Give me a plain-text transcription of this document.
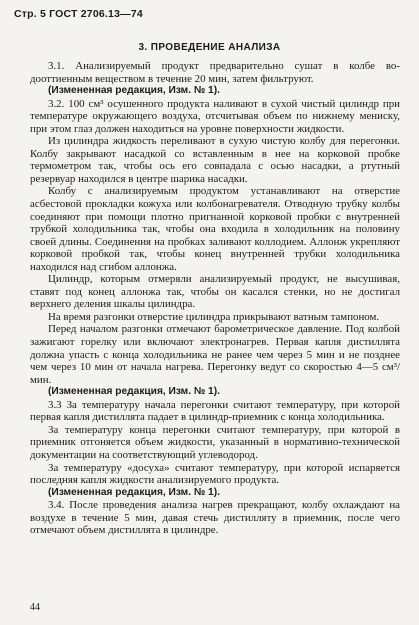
Стр. 5 ГОСТ 2706.13—74
3. ПРОВЕДЕНИЕ АНАЛИЗА

3.1. Анализируемый продукт предварительно сушат в колбе водооттиенным веществом в течение 20 мин, затем фильтруют.

(Измененная редакция, Изм. № 1).

3.2. 100 см³ осушенного продукта наливают в сухой чистый цилиндр при температуре окружающего воздуха, отсчитывая объем по нижнему мениску, при этом глаз должен находиться на уровне поверхности жидкости.

Из цилиндра жидкость переливают в сухую чистую колбу для перегонки. Колбу закрывают насадкой со вставленным в нее на корковой пробке термометром так, чтобы ось его совпадала с осью насадки, а ртутный резервуар находился в центре шарика насадки.

Колбу с анализируемым продуктом устанавливают на отверстие асбестовой прокладки кожуха или колбонагревателя. Отводную трубку колбы соединяют при помощи плотно пригнанной корковой пробки с внутренней трубкой холодильника так, чтобы она входила в холодильник на половину своей длины. Соединения на пробках заливают коллодием. Аллонж укрепляют корковой пробкой так, чтобы конец внутренней трубки холодильника находился над сгибом аллонжа.

Цилиндр, которым отмеряли анализируемый продукт, не высушивая, ставят под конец аллонжа так, чтобы он касался стенки, но не достигал верхнего деления шкалы цилиндра.

На время разгонки отверстие цилиндра прикрывают ватным тампоном.

Перед началом разгонки отмечают барометрическое давление. Под колбой зажигают горелку или включают электронагрев. Первая капля дистиллята должна упасть с конца холодильника не ранее чем через 5 мин и не позднее чем через 10 мин от начала нагрева. Перегонку ведут со скоростью 4—5 см³/мин.

(Измененная редакция, Изм. № 1).

3.3 За температуру начала перегонки считают температуру, при которой первая капля дистиллята падает в цилиндр-приемник с конца холодильника.

За температуру конца перегонки считают температуру, при которой в приемник отгоняется объем жидкости, указанный в нормативно-технической документации на соответствующий углеводород.

За температуру «досуха» считают температуру, при которой испаряется последняя капля жидкости анализируемого продукта.

(Измененная редакция, Изм. № 1).

3.4. После проведения анализа нагрев прекращают, колбу охлаждают на воздухе в течение 5 мин, давая стечь дистилляту в приемник, после чего отмечают объем дистиллята в цилиндре.

44
